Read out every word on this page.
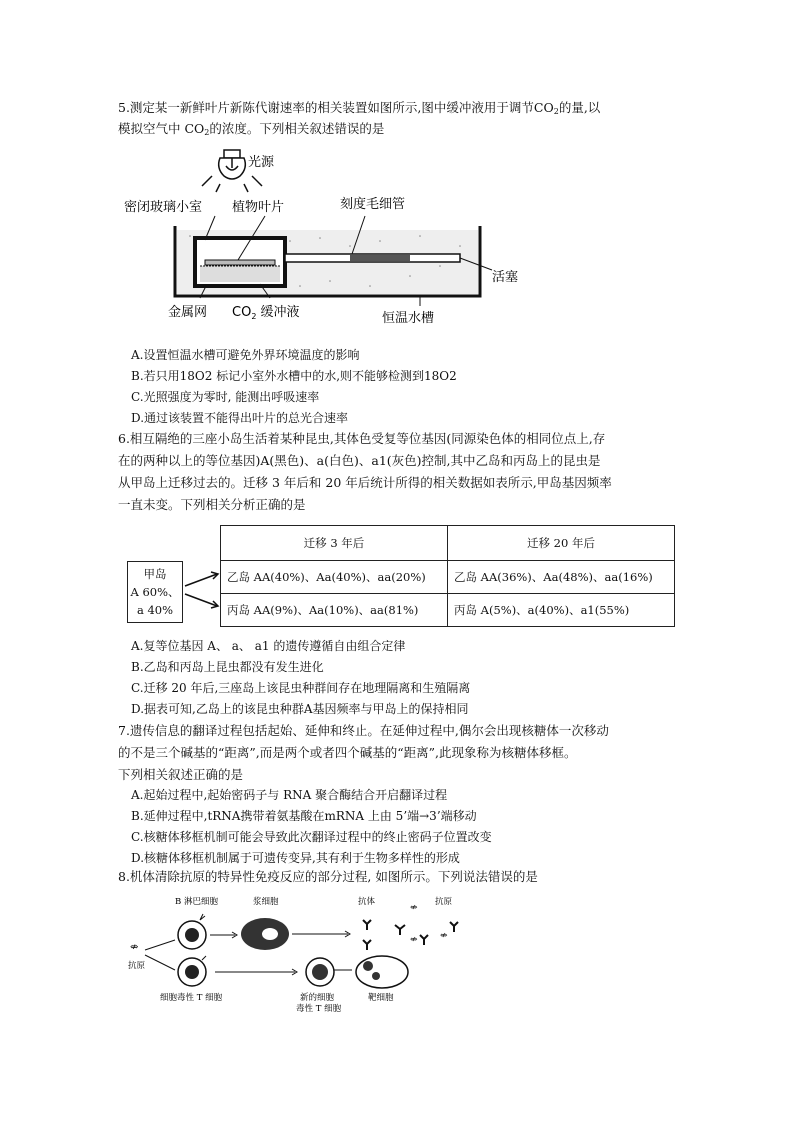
5.测定某一新鲜叶片新陈代谢速率的相关装置如图所示,图中缓冲液用于调节$CO_2$的量,以
模拟空气中 $CO_2$的浓度。下列相关叙述错误的是
光源
密闭玻璃小室 植物叶片	刻度毛细管
活塞
金属网 $CO_2$ 缓冲液	恒温水槽
A.设置恒温水槽可避免外界环境温度的影响
B.若只用18O2 标记小室外水槽中的水,则不能够检测到18O2
C.光照强度为零时, 能测出呼吸速率
D.通过该装置不能得出叶片的总光合速率
6.相互隔绝的三座小岛生活着某种昆虫,其体色受复等位基因(同源染色体的相同位点上,存
在的两种以上的等位基因)A(黑色)、a(白色)、a1(灰色)控制,其中乙岛和丙岛上的昆虫是
从甲岛上迁移过去的。迁移 3 年后和 20 年后统计所得的相关数据如表所示,甲岛基因频率
一直未变。下列相关分析正确的是
甲岛
A 60%、
a 40%
迁移 3 年后	迁移 20 年后
乙岛 AA(40%)、Aa(40%)、aa(20%)	乙岛 AA(36%)、Aa(48%)、aa(16%)
丙岛 AA(9%)、Aa(10%)、aa(81%)	丙岛 A(5%)、a(40%)、a1(55%)
A.复等位基因 A、 a、 a1 的遗传遵循自由组合定律
B.乙岛和丙岛上昆虫都没有发生进化
C.迁移 20 年后,三座岛上该昆虫种群间存在地理隔离和生殖隔离
D.据表可知,乙岛上的该昆虫种群A基因频率与甲岛上的保持相同
7.遗传信息的翻译过程包括起始、延伸和终止。在延伸过程中,偶尔会出现核糖体一次移动
的不是三个碱基的“距离”,而是两个或者四个碱基的“距离”,此现象称为核糖体移框。
下列相关叙述正确的是
A.起始过程中,起始密码子与 RNA 聚合酶结合开启翻译过程
B.延伸过程中,tRNA携带着氨基酸在mRNA 上由 5’端→3’端移动
C.核糖体移框机制可能会导致此次翻译过程中的终止密码子位置改变
D.核糖体移框机制属于可遗传变异,其有利于生物多样性的形成
8.机体清除抗原的特异性免疫反应的部分过程, 如图所示。下列说法错误的是
⇎
⇎ ⇎
⇎
B 淋巴细胞	浆细胞	抗体	抗原
抗原
细胞毒性 T 细胞	新的细胞
毒性 T 细胞
靶细胞
